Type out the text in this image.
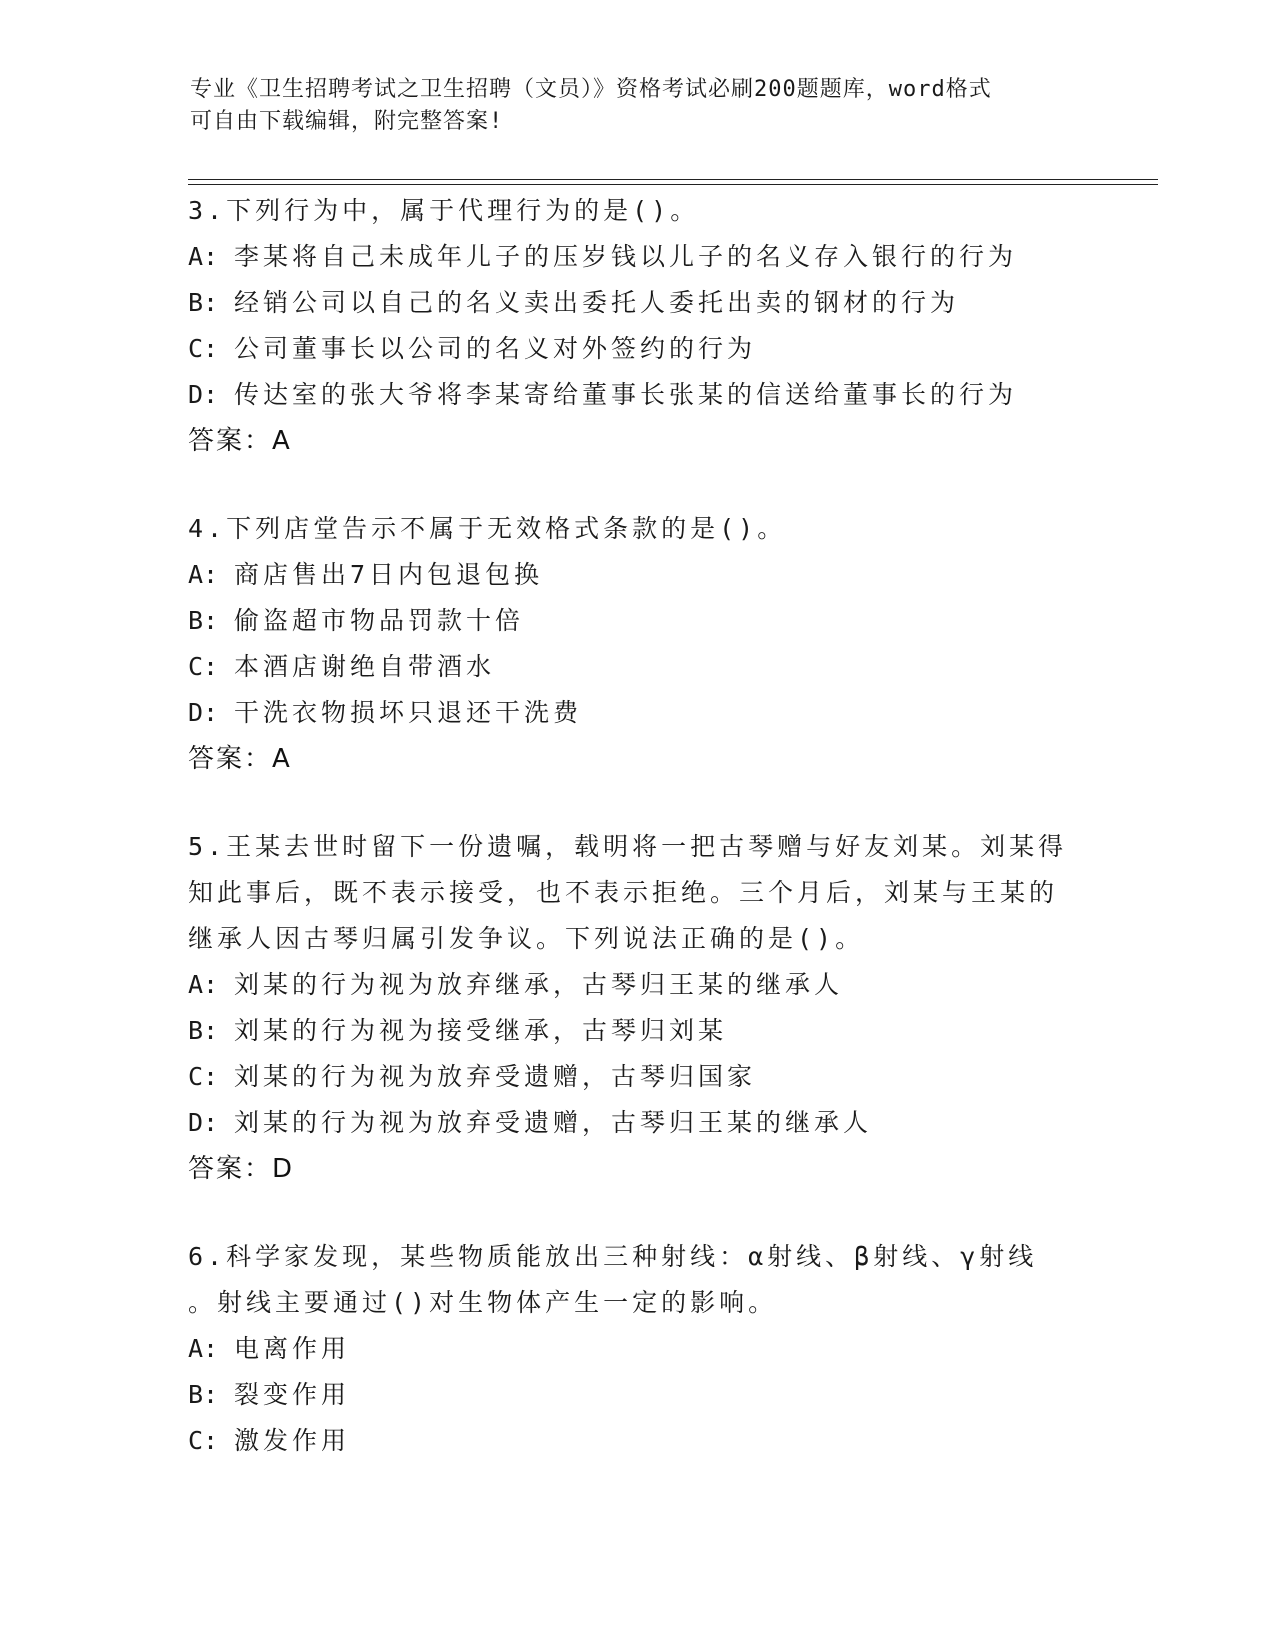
专业《卫生招聘考试之卫生招聘（文员）》资格考试必刷200题题库，word格式
可自由下载编辑，附完整答案!
3.下列行为中，属于代理行为的是()。
A: 李某将自己未成年儿子的压岁钱以儿子的名义存入银行的行为
B: 经销公司以自己的名义卖出委托人委托出卖的钢材的行为
C: 公司董事长以公司的名义对外签约的行为
D: 传达室的张大爷将李某寄给董事长张某的信送给董事长的行为
答案：A
4.下列店堂告示不属于无效格式条款的是()。
A: 商店售出7日内包退包换
B: 偷盗超市物品罚款十倍
C: 本酒店谢绝自带酒水
D: 干洗衣物损坏只退还干洗费
答案：A
5.王某去世时留下一份遗嘱，载明将一把古琴赠与好友刘某。刘某得
知此事后，既不表示接受，也不表示拒绝。三个月后，刘某与王某的
继承人因古琴归属引发争议。下列说法正确的是()。
A: 刘某的行为视为放弃继承，古琴归王某的继承人
B: 刘某的行为视为接受继承，古琴归刘某
C: 刘某的行为视为放弃受遗赠，古琴归国家
D: 刘某的行为视为放弃受遗赠，古琴归王某的继承人
答案：D
6.科学家发现，某些物质能放出三种射线：α射线、β射线、γ射线
。射线主要通过()对生物体产生一定的影响。
A: 电离作用
B: 裂变作用
C: 激发作用
